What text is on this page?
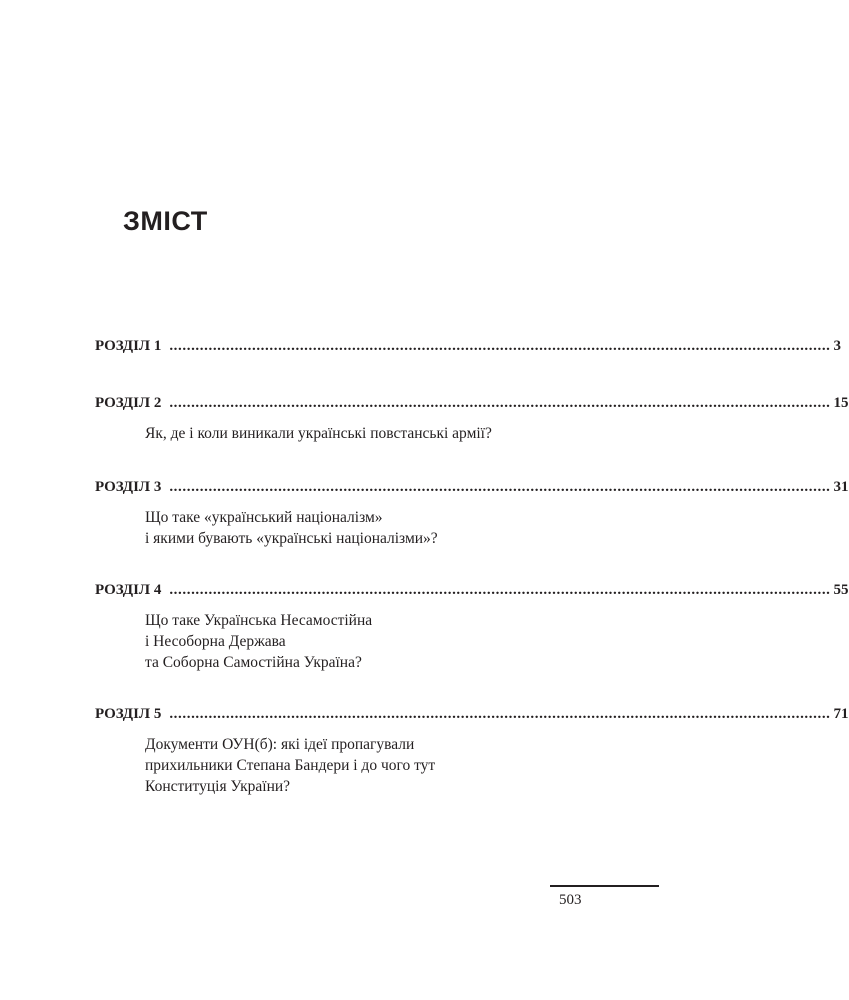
ЗМІСТ
РОЗДІЛ 1 ........................................................................................................................................................ 3
РОЗДІЛ 2 ........................................................................................................................................................ 15
Як, де і коли виникали українські повстанські армії?
РОЗДІЛ 3 ........................................................................................................................................................ 31
Що таке «український націоналізм»
і якими бувають «українські націоналізми»?
РОЗДІЛ 4 ........................................................................................................................................................ 55
Що таке Українська Несамостійна
і Несоборна Держава
та Соборна Самостійна Україна?
РОЗДІЛ 5 ........................................................................................................................................................ 71
Документи ОУН(б): які ідеї пропагували
прихильники Степана Бандери і до чого тут
Конституція України?
503
